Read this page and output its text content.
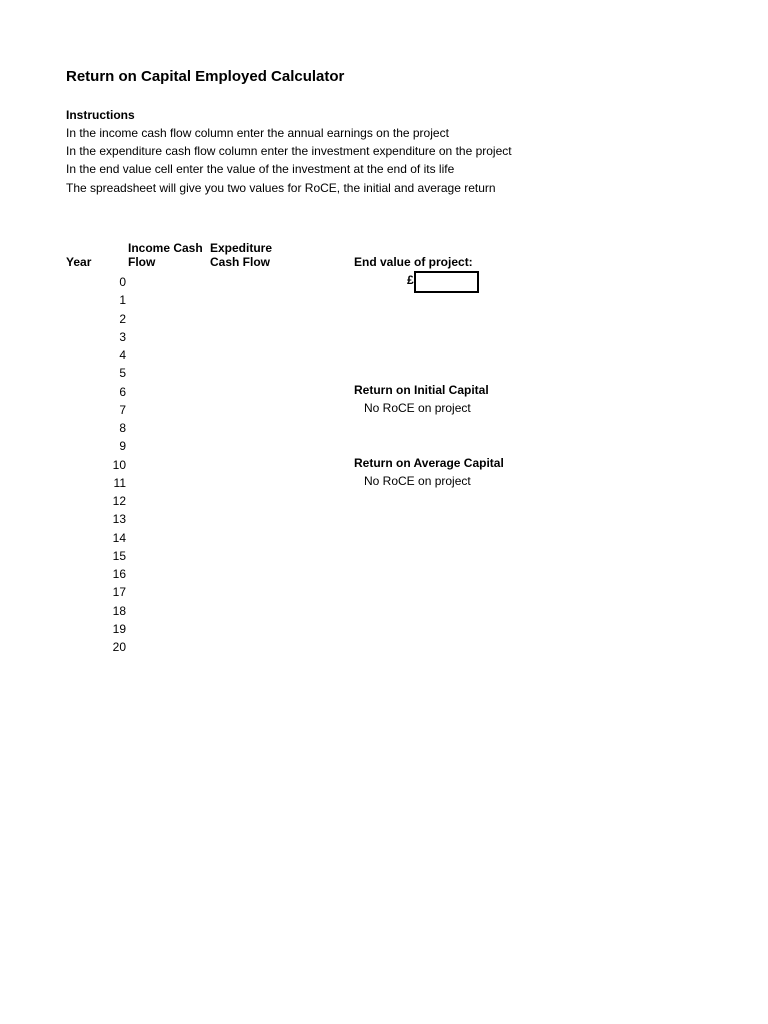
Return on Capital Employed Calculator
Instructions
In the income cash flow column enter the annual earnings on the project
In the expenditure cash flow column enter the investment expenditure on the project
In the end value cell enter the value of the investment at the end of its life
The spreadsheet will give you two values for RoCE, the initial and average return
Year
Income Cash
Flow
Expediture
Cash Flow	End value of project:
0
1
2
3
4
5
6
7
8
9
10
11
12
13
14
15
16
17
18
19
20
£
Return on Initial Capital
No RoCE on project
Return on Average Capital
No RoCE on project
